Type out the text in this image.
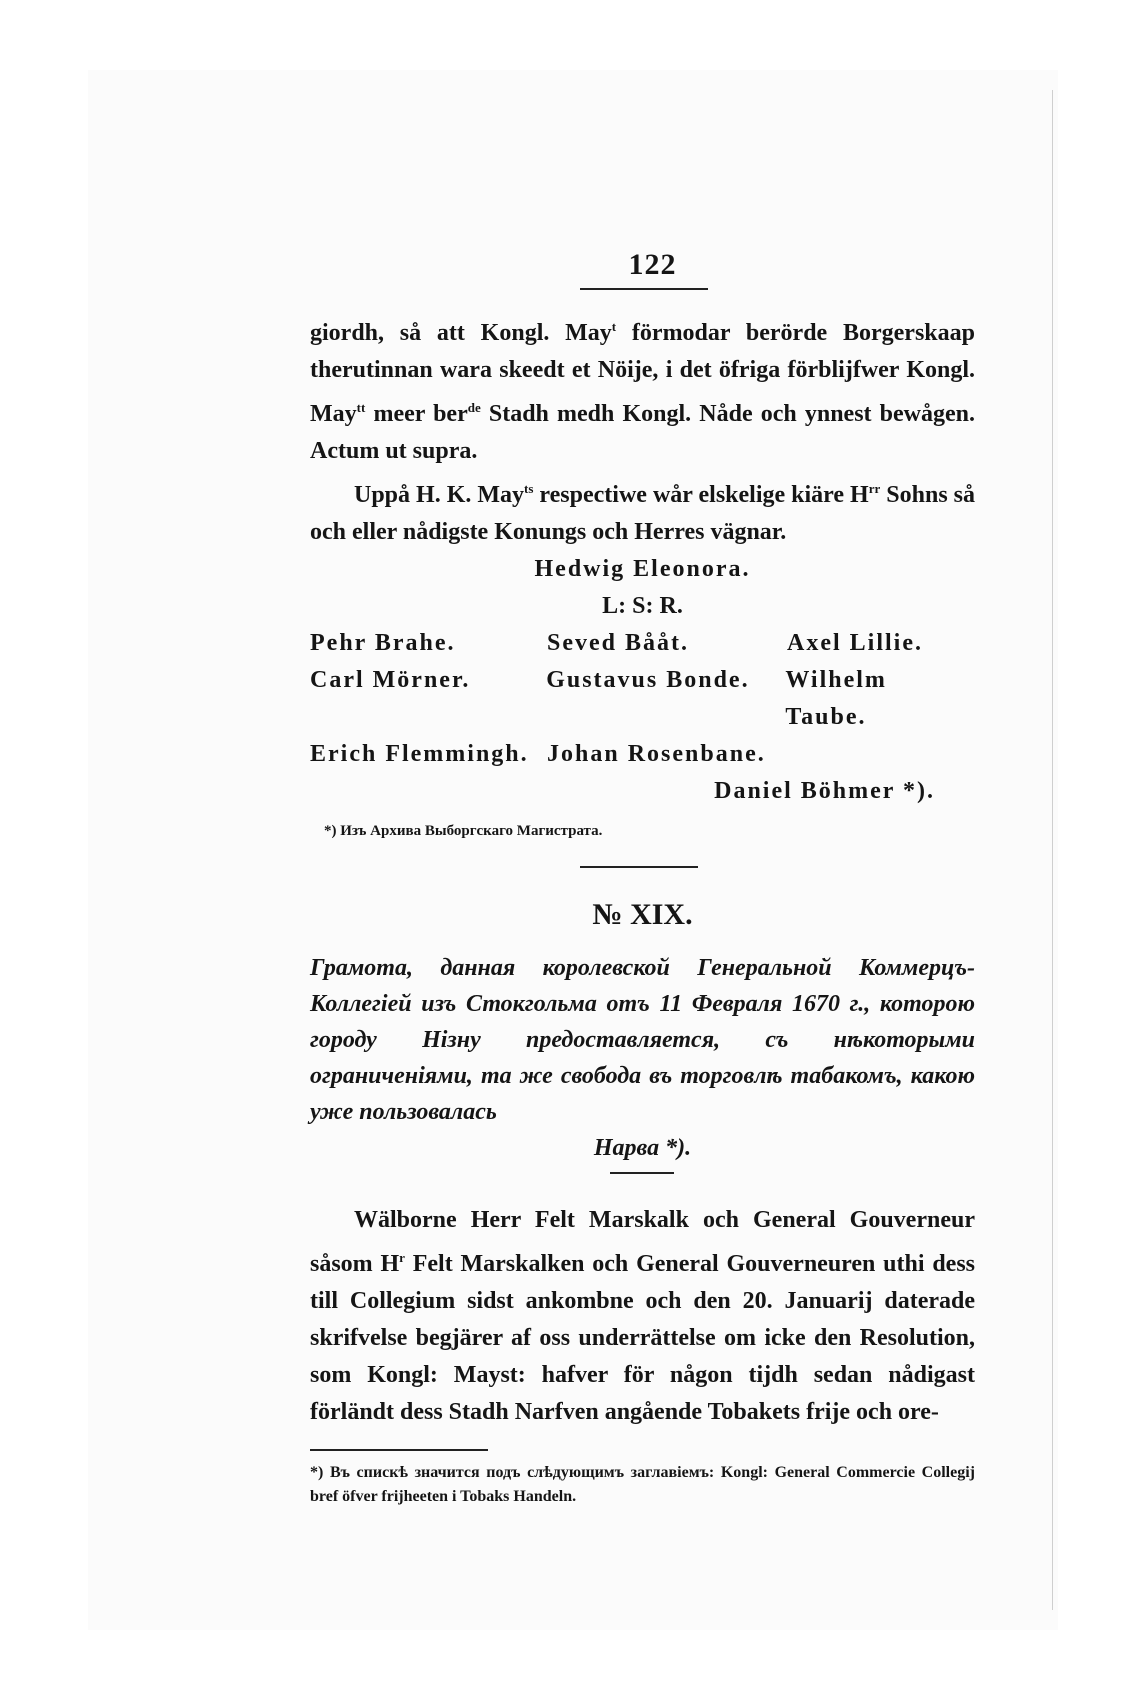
122
giordh, så att Kongl. May$^t$ förmodar berörde Borgerskaap therutinnan wara skeedt et Nöije, i det öfriga förblijfwer Kongl. May$^{tt}$ meer ber$^{de}$ Stadh medh Kongl. Nåde och ynnest bewågen. Actum ut supra.
Uppå H. K. May$^{ts}$ respectiwe wår elskelige kiäre $H^{rr}$ Sohns så och eller nådigste Konungs och Herres vägnar.
Hedwig Eleonora.
L: S: R.
Pehr Brahe.	Seved Bååt.	Axel Lillie.
Carl Mörner.	Gustavus Bonde.	Wilhelm Taube.
Erich Flemmingh. Johan Rosenbane.
Daniel Böhmer *).
*) Изъ Архива Выборгскаго Магистрата.
№ XIX.
Грамота, данная королевской Генеральной Коммерцъ-Коллегіей изъ Стокгольма отъ 11 Февраля 1670 г., которою городу Нізну предоставляется, съ нѣкоторыми ограниченіями, та же свобода въ торговлѣ табакомъ, какою уже пользовалась
Нарва *).
Wälborne Herr Felt Marskalk och General Gouverneur såsom $H^r$ Felt Marskalken och General Gouverneuren uthi dess till Collegium sidst ankombne och den 20. Januarij daterade skrifvelse begjärer af oss underrättelse om icke den Resolution, som Kongl: Mayst: hafver för någon tijdh sedan nådigast förländt dess Stadh Narfven angående Tobakets frije och ore-
*) Въ спискѣ значится подъ слѣдующимъ заглавіемъ: Kongl: General Commercie Collegij bref öfver frijheeten i Tobaks Handeln.
